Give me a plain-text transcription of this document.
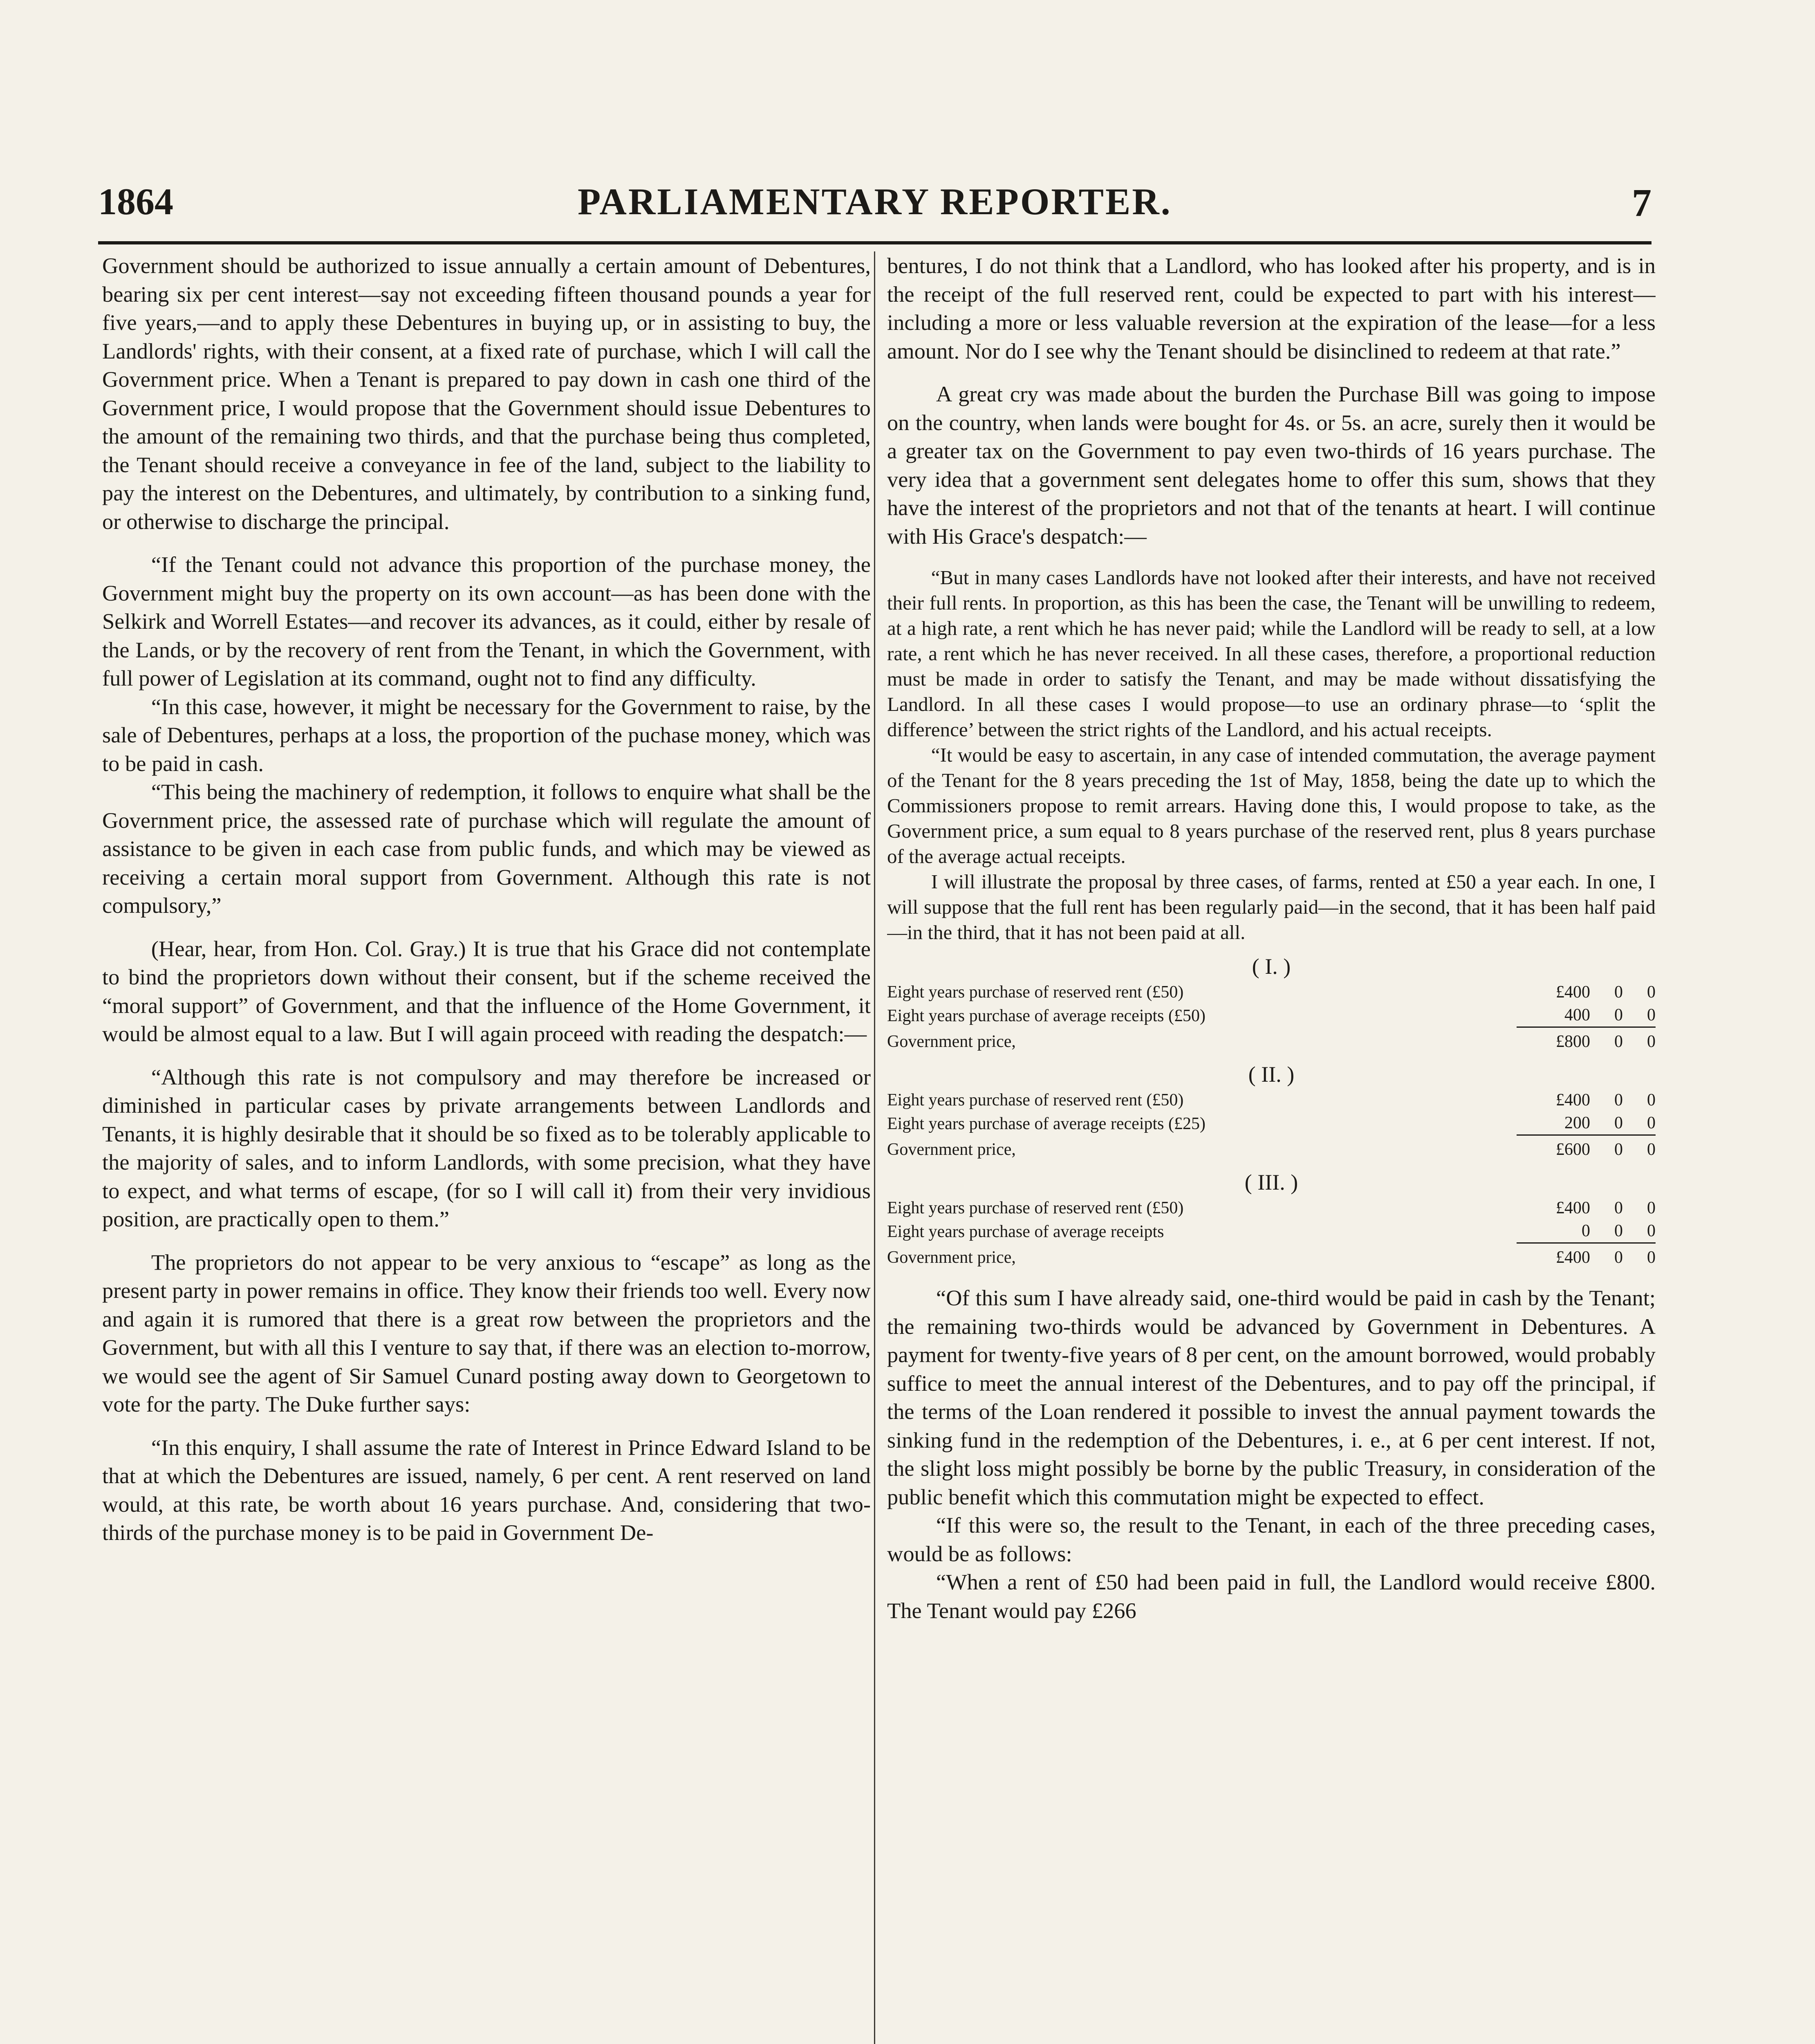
1864	PARLIAMENTARY REPORTER.	7

Government should be authorized to issue annually a certain amount of Debentures, bearing six per cent interest—say not exceeding fifteen thousand pounds a year for five years,—and to apply these Debentures in buying up, or in assisting to buy, the Landlords' rights, with their consent, at a fixed rate of purchase, which I will call the Government price. When a Tenant is prepared to pay down in cash one third of the Government price, I would propose that the Government should issue Debentures to the amount of the remaining two thirds, and that the purchase being thus completed, the Tenant should receive a conveyance in fee of the land, subject to the liability to pay the interest on the Debentures, and ultimately, by contribution to a sinking fund, or otherwise to discharge the principal.

“If the Tenant could not advance this proportion of the purchase money, the Government might buy the property on its own account—as has been done with the Selkirk and Worrell Estates—and recover its advances, as it could, either by resale of the Lands, or by the recovery of rent from the Tenant, in which the Government, with full power of Legislation at its command, ought not to find any difficulty.

“In this case, however, it might be necessary for the Government to raise, by the sale of Debentures, perhaps at a loss, the proportion of the puchase money, which was to be paid in cash.

“This being the machinery of redemption, it follows to enquire what shall be the Government price, the assessed rate of purchase which will regulate the amount of assistance to be given in each case from public funds, and which may be viewed as receiving a certain moral support from Government. Although this rate is not compulsory,”

(Hear, hear, from Hon. Col. Gray.) It is true that his Grace did not contemplate to bind the proprietors down without their consent, but if the scheme received the “moral support” of Government, and that the influence of the Home Government, it would be almost equal to a law. But I will again proceed with reading the despatch:—

“Although this rate is not compulsory and may therefore be increased or diminished in particular cases by private arrangements between Landlords and Tenants, it is highly desirable that it should be so fixed as to be tolerably applicable to the majority of sales, and to inform Landlords, with some precision, what they have to expect, and what terms of escape, (for so I will call it) from their very invidious position, are practically open to them.”

The proprietors do not appear to be very anxious to “escape” as long as the present party in power remains in office. They know their friends too well. Every now and again it is rumored that there is a great row between the proprietors and the Government, but with all this I venture to say that, if there was an election to-morrow, we would see the agent of Sir Samuel Cunard posting away down to Georgetown to vote for the party. The Duke further says:

“In this enquiry, I shall assume the rate of Interest in Prince Edward Island to be that at which the Debentures are issued, namely, 6 per cent. A rent reserved on land would, at this rate, be worth about 16 years purchase. And, considering that two-thirds of the purchase money is to be paid in Government De-

bentures, I do not think that a Landlord, who has looked after his property, and is in the receipt of the full reserved rent, could be expected to part with his interest—including a more or less valuable reversion at the expiration of the lease—for a less amount. Nor do I see why the Tenant should be disinclined to redeem at that rate.”

A great cry was made about the burden the Purchase Bill was going to impose on the country, when lands were bought for 4s. or 5s. an acre, surely then it would be a greater tax on the Government to pay even two-thirds of 16 years purchase. The very idea that a government sent delegates home to offer this sum, shows that they have the interest of the proprietors and not that of the tenants at heart. I will continue with His Grace's despatch:—

“But in many cases Landlords have not looked after their interests, and have not received their full rents. In proportion, as this has been the case, the Tenant will be unwilling to redeem, at a high rate, a rent which he has never paid; while the Landlord will be ready to sell, at a low rate, a rent which he has never received. In all these cases, therefore, a proportional reduction must be made in order to satisfy the Tenant, and may be made without dissatisfying the Landlord. In all these cases I would propose—to use an ordinary phrase—to ‘split the difference’ between the strict rights of the Landlord, and his actual receipts.

“It would be easy to ascertain, in any case of intended commutation, the average payment of the Tenant for the 8 years preceding the 1st of May, 1858, being the date up to which the Commissioners propose to remit arrears. Having done this, I would propose to take, as the Government price, a sum equal to 8 years purchase of the reserved rent, plus 8 years purchase of the average actual receipts.

I will illustrate the proposal by three cases, of farms, rented at £50 a year each. In one, I will suppose that the full rent has been regularly paid—in the second, that it has been half paid—in the third, that it has not been paid at all.

( I. )
Eight years purchase of reserved rent (£50)	£400	0	0
Eight years purchase of average receipts (£50)	400	0	0
Government price,	£800	0	0
( II. )
Eight years purchase of reserved rent (£50)	£400	0	0
Eight years purchase of average receipts (£25)	200	0	0
Government price,	£600	0	0
( III. )
Eight years purchase of reserved rent (£50)	£400	0	0
Eight years purchase of average receipts	0	0	0
Government price,	£400	0	0

“Of this sum I have already said, one-third would be paid in cash by the Tenant; the remaining two-thirds would be advanced by Government in Debentures. A payment for twenty-five years of 8 per cent, on the amount borrowed, would probably suffice to meet the annual interest of the Debentures, and to pay off the principal, if the terms of the Loan rendered it possible to invest the annual payment towards the sinking fund in the redemption of the Debentures, i. e., at 6 per cent interest. If not, the slight loss might possibly be borne by the public Treasury, in consideration of the public benefit which this commutation might be expected to effect.

“If this were so, the result to the Tenant, in each of the three preceding cases, would be as follows:

“When a rent of £50 had been paid in full, the Landlord would receive £800. The Tenant would pay £266
